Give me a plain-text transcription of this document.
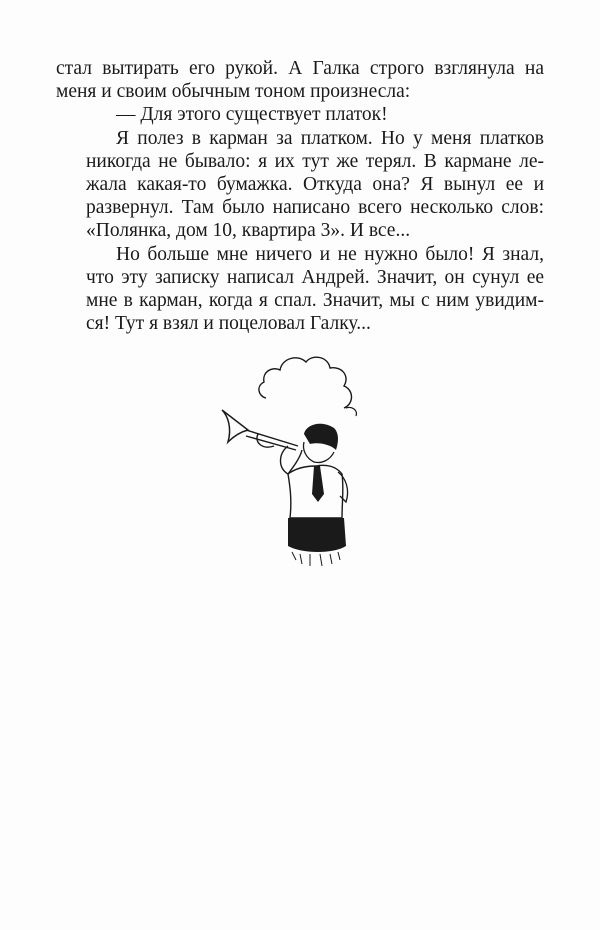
стал вытирать его рукой. А Галка строго взглянула на
меня и своим обычным тоном произнесла:

— Для этого существует платок!

Я полез в карман за платком. Но у меня платков
никогда не бывало: я их тут же терял. В кармане ле-
жала какая-то бумажка. Откуда она? Я вынул ее и
развернул. Там было написано всего несколько слов:
«Полянка, дом 10, квартира 3». И все...

Но больше мне ничего и не нужно было! Я знал,
что эту записку написал Андрей. Значит, он сунул ее
мне в карман, когда я спал. Значит, мы с ним увидим-
ся! Тут я взял и поцеловал Галку...
